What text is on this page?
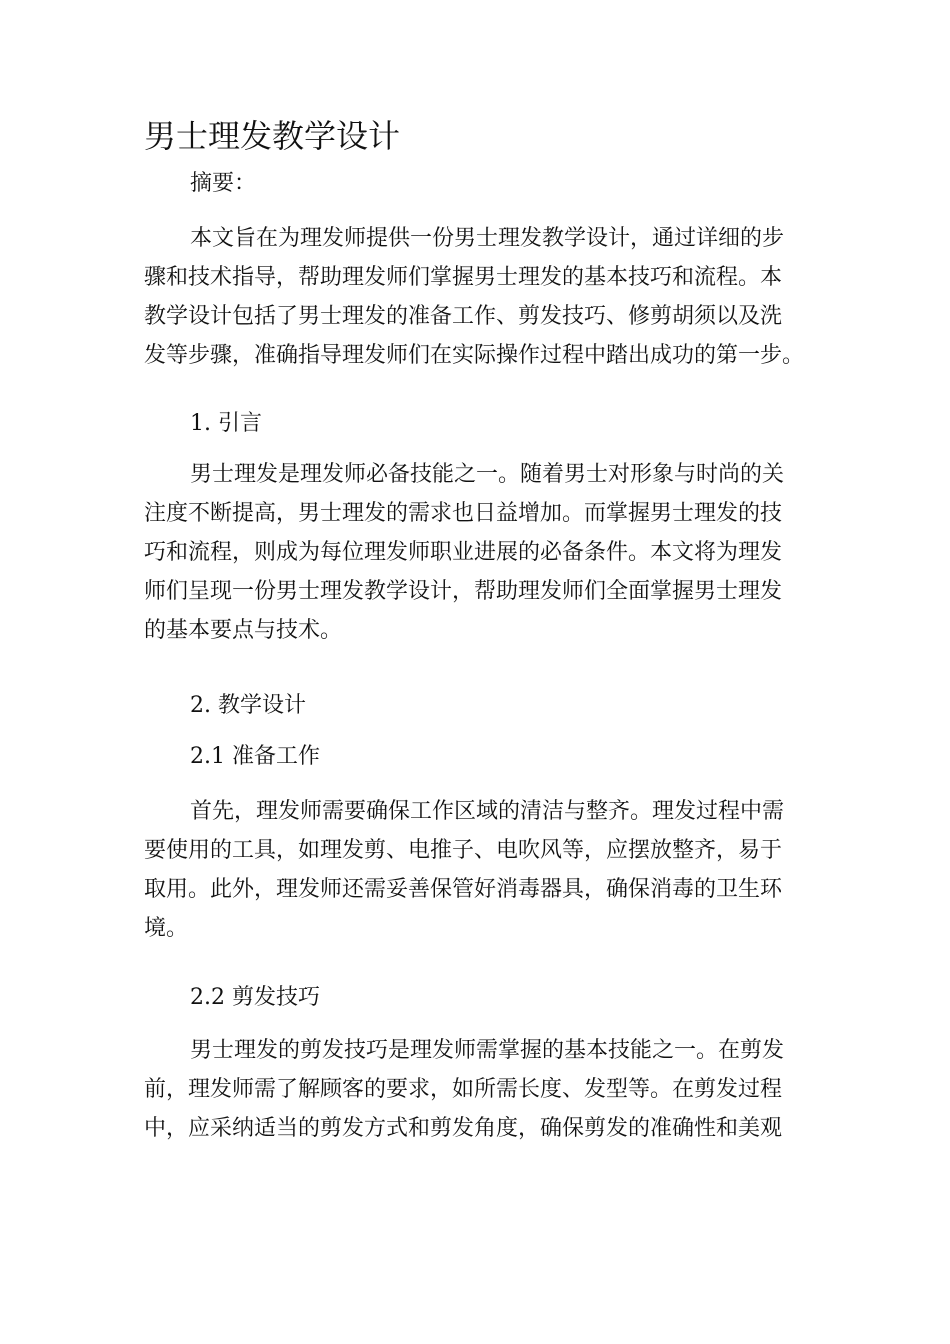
男士理发教学设计

摘要：

本文旨在为理发师提供一份男士理发教学设计，通过详细的步
骤和技术指导，帮助理发师们掌握男士理发的基本技巧和流程。本
教学设计包括了男士理发的准备工作、剪发技巧、修剪胡须以及洗
发等步骤，准确指导理发师们在实际操作过程中踏出成功的第一步。

1. 引言

男士理发是理发师必备技能之一。随着男士对形象与时尚的关
注度不断提高，男士理发的需求也日益增加。而掌握男士理发的技
巧和流程，则成为每位理发师职业进展的必备条件。本文将为理发
师们呈现一份男士理发教学设计，帮助理发师们全面掌握男士理发
的基本要点与技术。

2. 教学设计

2.1 准备工作

首先，理发师需要确保工作区域的清洁与整齐。理发过程中需
要使用的工具，如理发剪、电推子、电吹风等，应摆放整齐，易于
取用。此外，理发师还需妥善保管好消毒器具，确保消毒的卫生环
境。

2.2 剪发技巧

男士理发的剪发技巧是理发师需掌握的基本技能之一。在剪发
前，理发师需了解顾客的要求，如所需长度、发型等。在剪发过程
中，应采纳适当的剪发方式和剪发角度，确保剪发的准确性和美观
